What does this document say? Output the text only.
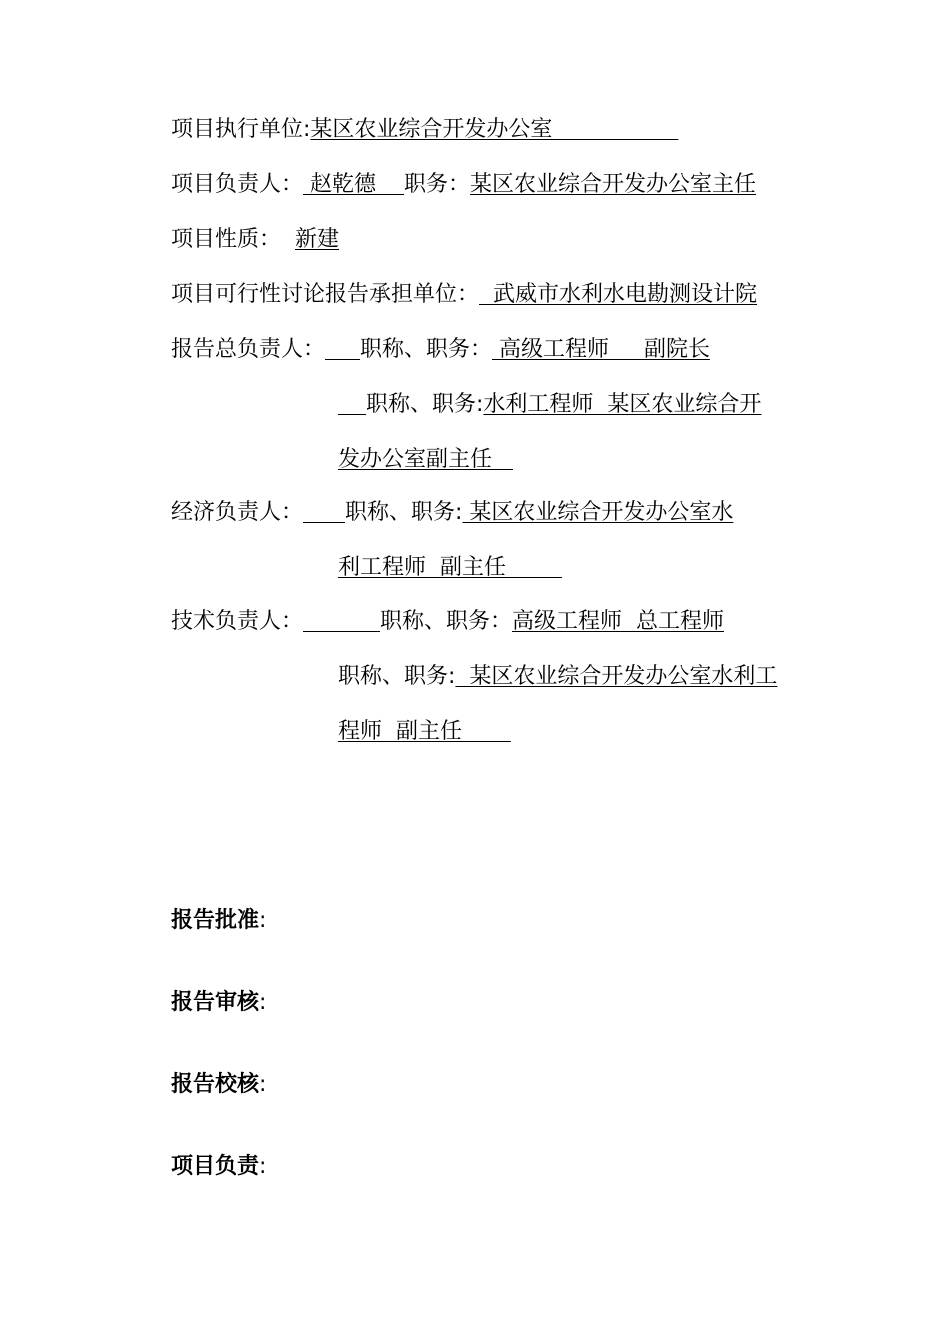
项目执行单位:某区农业综合开发办公室
项目负责人： 赵乾德    职务：某区农业综合开发办公室主任
项目性质： 新建
项目可行性讨论报告承担单位：  武威市水利水电勘测设计院
报告总负责人： 职称、职务： 高级工程师     副院长
职称、职务:水利工程师  某区农业综合开
发办公室副主任
经济负责人： 职称、职务: 某区农业综合开发办公室水
利工程师  副主任
技术负责人：	职称、职务：高级工程师  总工程师
职称、职务:  某区农业综合开发办公室水利工
程师  副主任
报告批准:
报告审核:
报告校核:
项目负责:
